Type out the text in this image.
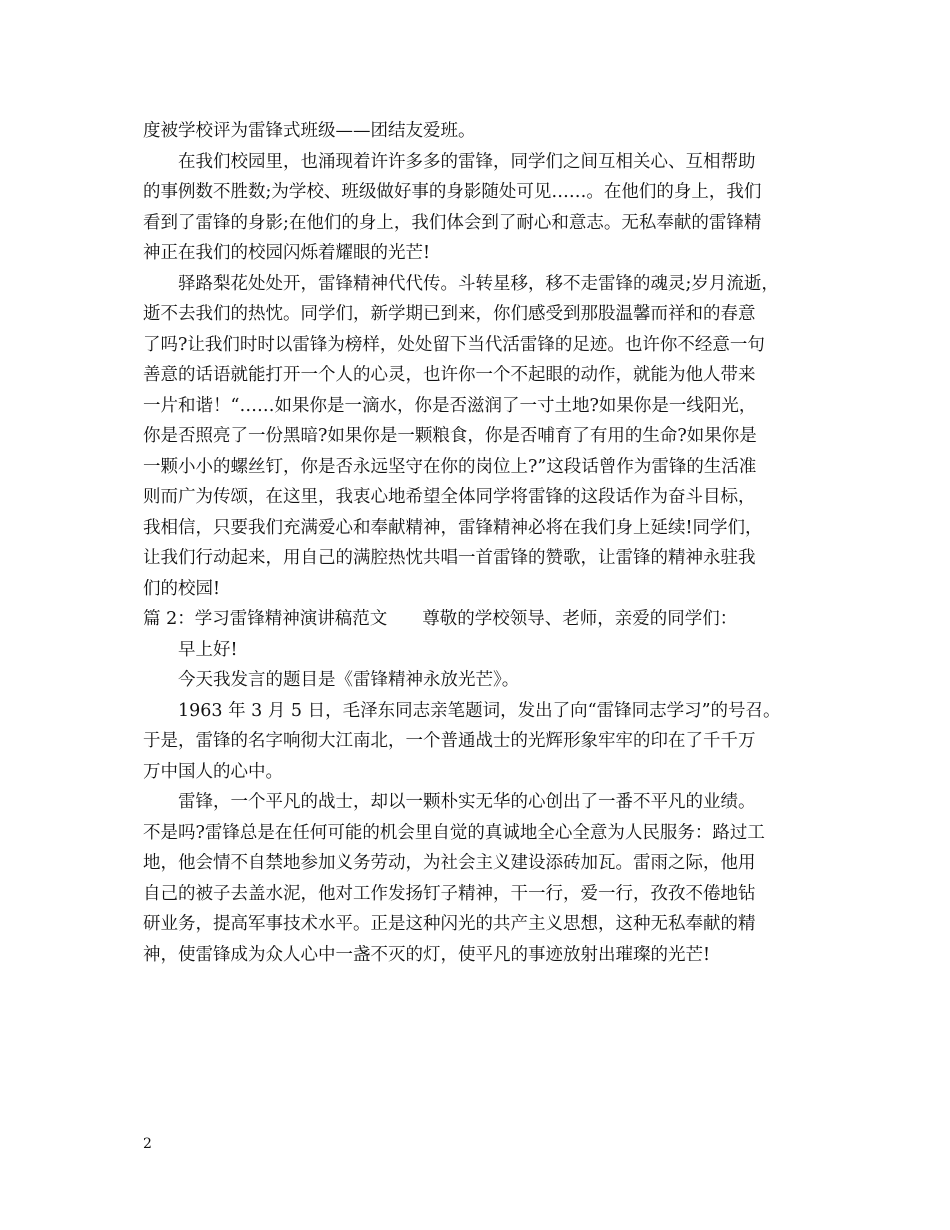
度被学校评为雷锋式班级——团结友爱班。
在我们校园里，也涌现着许许多多的雷锋，同学们之间互相关心、互相帮助
的事例数不胜数;为学校、班级做好事的身影随处可见……。在他们的身上，我们
看到了雷锋的身影;在他们的身上，我们体会到了耐心和意志。无私奉献的雷锋精
神正在我们的校园闪烁着耀眼的光芒!
驿路梨花处处开，雷锋精神代代传。斗转星移，移不走雷锋的魂灵;岁月流逝，
逝不去我们的热忱。同学们，新学期已到来，你们感受到那股温馨而祥和的春意
了吗?让我们时时以雷锋为榜样，处处留下当代活雷锋的足迹。也许你不经意一句
善意的话语就能打开一个人的心灵，也许你一个不起眼的动作，就能为他人带来
一片和谐！“……如果你是一滴水，你是否滋润了一寸土地?如果你是一线阳光，
你是否照亮了一份黑暗?如果你是一颗粮食，你是否哺育了有用的生命?如果你是
一颗小小的螺丝钉，你是否永远坚守在你的岗位上?”这段话曾作为雷锋的生活准
则而广为传颂，在这里，我衷心地希望全体同学将雷锋的这段话作为奋斗目标，
我相信，只要我们充满爱心和奉献精神，雷锋精神必将在我们身上延续!同学们，
让我们行动起来，用自己的满腔热忱共唱一首雷锋的赞歌，让雷锋的精神永驻我
们的校园!
篇 2：学习雷锋精神演讲稿范文　　尊敬的学校领导、老师，亲爱的同学们：
早上好!
今天我发言的题目是《雷锋精神永放光芒》。
1963 年 3 月 5 日，毛泽东同志亲笔题词，发出了向“雷锋同志学习”的号召。
于是，雷锋的名字响彻大江南北，一个普通战士的光辉形象牢牢的印在了千千万
万中国人的心中。
雷锋，一个平凡的战士，却以一颗朴实无华的心创出了一番不平凡的业绩。
不是吗?雷锋总是在任何可能的机会里自觉的真诚地全心全意为人民服务：路过工
地，他会情不自禁地参加义务劳动，为社会主义建设添砖加瓦。雷雨之际，他用
自己的被子去盖水泥，他对工作发扬钉子精神，干一行，爱一行，孜孜不倦地钻
研业务，提高军事技术水平。正是这种闪光的共产主义思想，这种无私奉献的精
神，使雷锋成为众人心中一盏不灭的灯，使平凡的事迹放射出璀璨的光芒!
2
